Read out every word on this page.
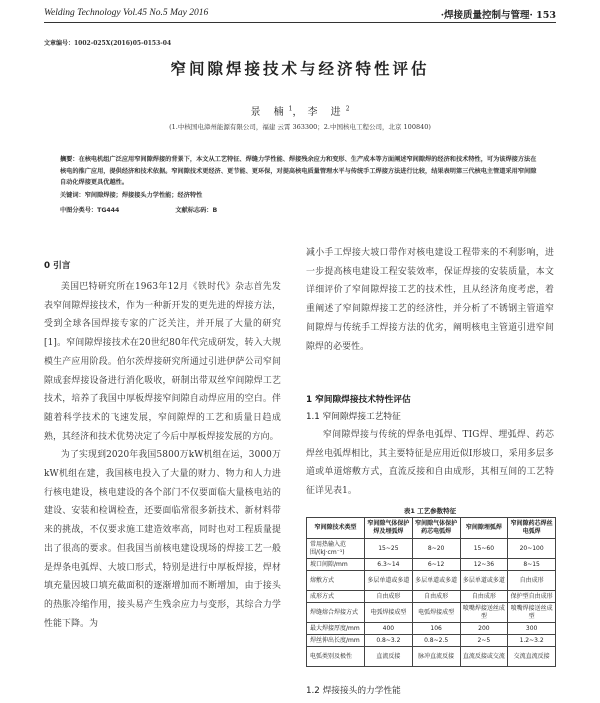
Welding Technology Vol.45 No.5 May 2016	·焊接质量控制与管理· 153
文章编号：1002-025X(2016)05-0153-04
窄间隙焊接技术与经济特性评估
景 楠$^1$，李 进$^2$
(1.中核国电漳州能源有限公司，福建 云霄 363300；2.中国核电工程公司，北京 100840)
摘要：在核电机组广泛应用窄间隙焊接的背景下，本文从工艺特征、焊缝力学性能、焊接残余应力和变形、生产成本等方面阐述窄间隙焊的经济和技术特性，可为该焊接方法在核电的推广应用，提供经济和技术依据。窄间隙技术更经济、更节能、更环保，对提高核电质量管理水平与传统手工焊接方法进行比较，结果表明第三代核电主管道采用窄间隙自动化焊接更具优越性。
关键词：窄间隙焊接；焊接接头力学性能；经济特性
中图分类号：TG444	文献标志码：B
0 引言

美国巴特研究所在1963年12月《铁时代》杂志首先发表窄间隙焊接技术，作为一种新开发的更先进的焊接方法，受到全球各国焊接专家的广泛关注，并开展了大量的研究[1]。窄间隙焊接技术在20世纪80年代完成研发，转入大规模生产应用阶段。伯尔茨焊接研究所通过引进伊萨公司窄间隙成套焊接设备进行消化吸收，研制出带双丝窄间隙焊工艺技术，培养了我国中厚板焊接窄间隙自动焊应用的空白。伴随着科学技术的飞速发展，窄间隙焊的工艺和质量日趋成熟，其经济和技术优势决定了今后中厚板焊接发展的方向。

为了实现到2020年我国5800万kW机组在运，3000万kW机组在建，我国核电投入了大量的财力、物力和人力进行核电建设，核电建设的各个部门不仅要面临大量核电站的建设、安装和检调检查，还要面临常很多新技术、新材料带来的挑战，不仅要求施工建造效率高，同时也对工程质量提出了很高的要求。但我国当前核电建设现场的焊接工艺一般是焊条电弧焊、大坡口形式，特别是进行中厚板焊接，焊材填充量因坡口填充截面积的逐渐增加而不断增加，由于接头的热胀冷缩作用，接头易产生残余应力与变形，其综合力学性能下降。为

减小手工焊接大坡口带作对核电建设工程带来的不利影响，进一步提高核电建设工程安装效率，保证焊接的安装质量，本文详细评价了窄间隙焊接工艺的技术性，且从经济角度考虑，着重阐述了窄间隙焊接工艺的经济性，并分析了不锈钢主管道窄间隙焊与传统手工焊接方法的优劣，阐明核电主管道引进窄间隙焊的必要性。

1 窄间隙焊接技术特性评估
1.1 窄间隙焊接工艺特征

窄间隙焊接与传统的焊条电弧焊、TIG焊、埋弧焊、药芯焊丝电弧焊相比，其主要特征是应用近似I形坡口，采用多层多道或单道熔敷方式，直流反接和自由成形，其相互间的工艺特征详见表1。

表1 工艺参数特征
窄间隙技术类型	窄间隙气体保护焊及埋弧焊	窄间隙气体保护药芯电弧焊	窄间隙埋弧焊	窄间隙药芯焊丝电弧焊
常用热输入范围/(kJ·cm⁻¹)	15~25	8~20	15~60	20~100
坡口间隙/mm	6.3~14	6~12	12~36	8~15
熔敷方式	多层单道或多道	多层单道或多道	多层单道或多道	自由成形
成形方式	自由成形	自由成形	自由成形	保护型自由成形
焊缝熔合焊接方式	电弧焊接成型	电弧焊接成型	喷嘴焊接送丝成型	喷嘴焊接送丝成型
最大焊接厚度/mm	400	106	200	300
焊丝伸出长度/mm	0.8~3.2	0.8~2.5	2~5	1.2~3.2
电弧类别及极性	直流反接	脉冲直流反接	直流反接或交流	交流直流反接
1.2 焊接接头的力学性能
